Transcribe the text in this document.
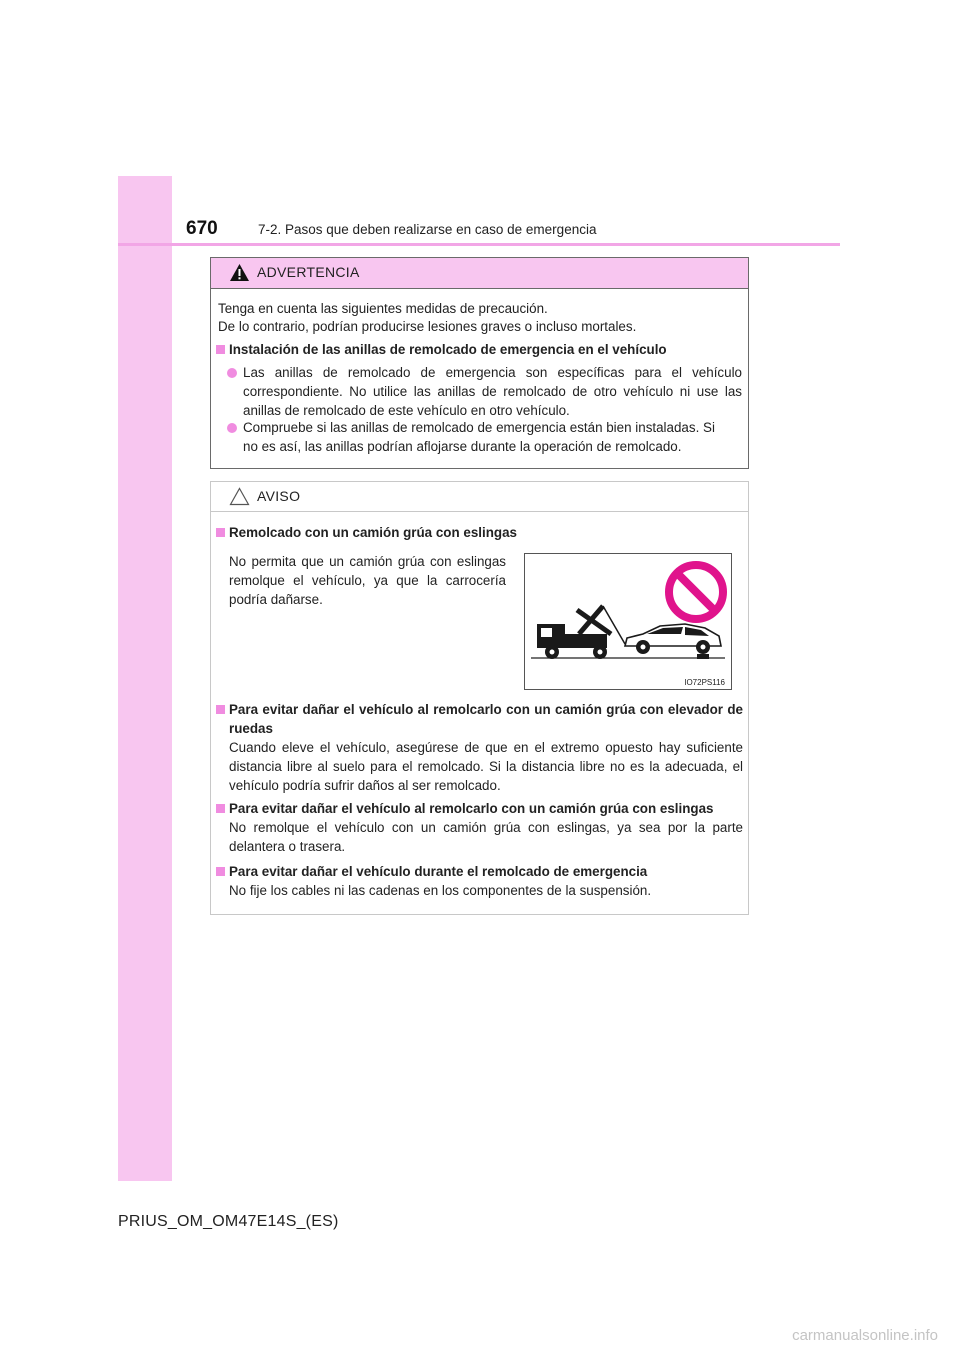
670	7-2. Pasos que deben realizarse en caso de emergencia
ADVERTENCIA
Tenga en cuenta las siguientes medidas de precaución.
De lo contrario, podrían producirse lesiones graves o incluso mortales.
Instalación de las anillas de remolcado de emergencia en el vehículo
Las anillas de remolcado de emergencia son específicas para el vehículo correspondiente. No utilice las anillas de remolcado de otro vehículo ni use las anillas de remolcado de este vehículo en otro vehículo.
Compruebe si las anillas de remolcado de emergencia están bien instaladas. Si no es así, las anillas podrían aflojarse durante la operación de remolcado.
AVISO
Remolcado con un camión grúa con eslingas
No permita que un camión grúa con eslingas remolque el vehículo, ya que la carrocería podría dañarse.
IO72PS116
Para evitar dañar el vehículo al remolcarlo con un camión grúa con elevador de ruedas
Cuando eleve el vehículo, asegúrese de que en el extremo opuesto hay suficiente distancia libre al suelo para el remolcado. Si la distancia libre no es la adecuada, el vehículo podría sufrir daños al ser remolcado.
Para evitar dañar el vehículo al remolcarlo con un camión grúa con eslingas
No remolque el vehículo con un camión grúa con eslingas, ya sea por la parte delantera o trasera.
Para evitar dañar el vehículo durante el remolcado de emergencia
No fije los cables ni las cadenas en los componentes de la suspensión.
PRIUS_OM_OM47E14S_(ES)
carmanualsonline.info
